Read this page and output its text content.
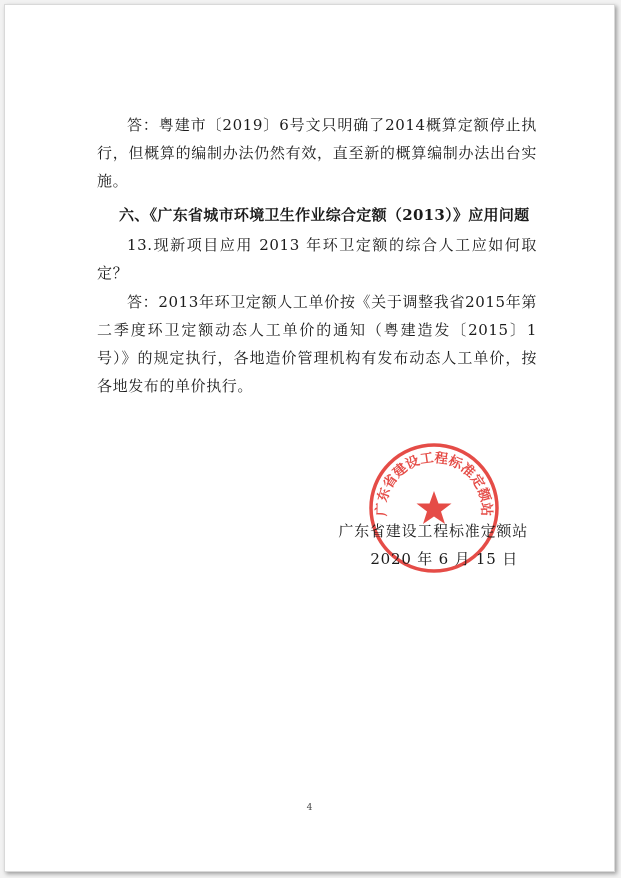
答：粤建市〔2019〕6号文只明确了2014概算定额停止执行，但概算的编制办法仍然有效，直至新的概算编制办法出台实施。

六、《广东省城市环境卫生作业综合定额（2013）》应用问题

13.现新项目应用 2013 年环卫定额的综合人工应如何取定？

答：2013年环卫定额人工单价按《关于调整我省2015年第二季度环卫定额动态人工单价的通知（粤建造发〔2015〕1号）》的规定执行，各地造价管理机构有发布动态人工单价，按各地发布的单价执行。

广东省建设工程标准定额站
广东省建设工程标准定额站
2020 年 6 月 15 日
4
